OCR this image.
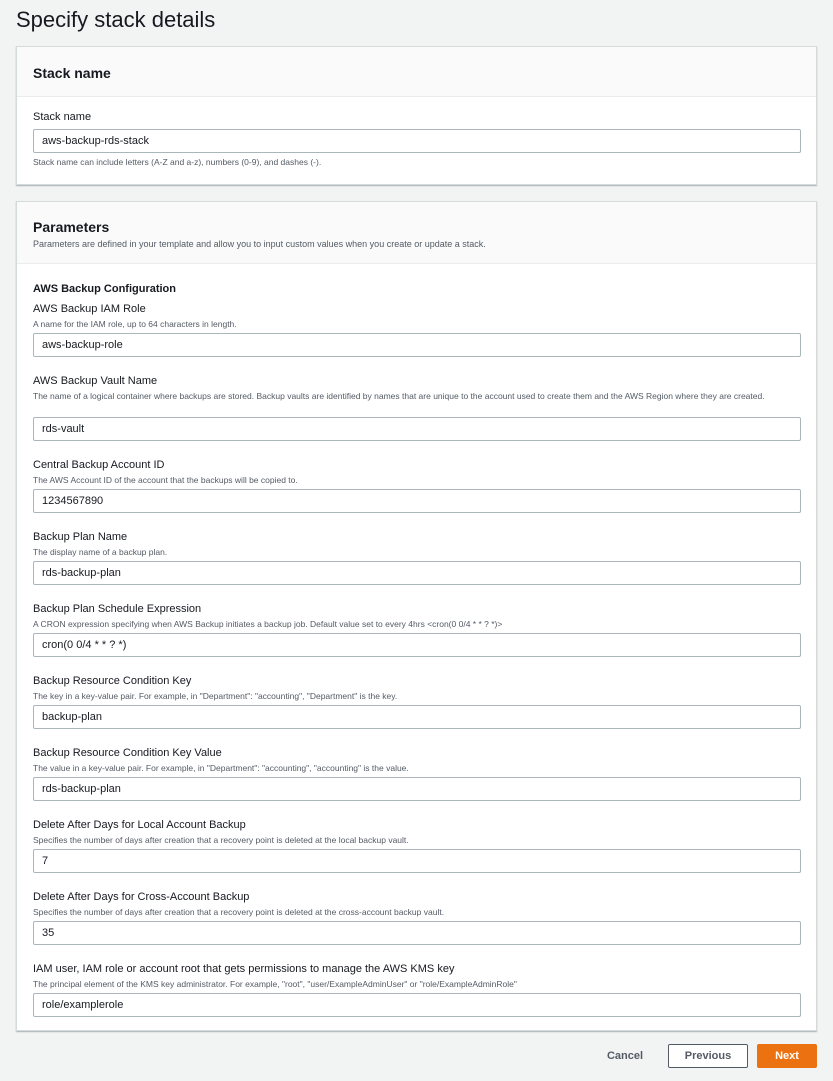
Specify stack details
Stack name
Stack name
aws-backup-rds-stack
Stack name can include letters (A-Z and a-z), numbers (0-9), and dashes (-).
Parameters
Parameters are defined in your template and allow you to input custom values when you create or update a stack.
AWS Backup Configuration
AWS Backup IAM Role
A name for the IAM role, up to 64 characters in length.
aws-backup-role
AWS Backup Vault Name
The name of a logical container where backups are stored. Backup vaults are identified by names that are unique to the account used to create them and the AWS Region where they are created.
rds-vault
Central Backup Account ID
The AWS Account ID of the account that the backups will be copied to.
1234567890
Backup Plan Name
The display name of a backup plan.
rds-backup-plan
Backup Plan Schedule Expression
A CRON expression specifying when AWS Backup initiates a backup job. Default value set to every 4hrs <cron(0 0/4 * * ? *)>
cron(0 0/4 * * ? *)
Backup Resource Condition Key
The key in a key-value pair. For example, in "Department": "accounting", "Department" is the key.
backup-plan
Backup Resource Condition Key Value
The value in a key-value pair. For example, in "Department": "accounting", "accounting" is the value.
rds-backup-plan
Delete After Days for Local Account Backup
Specifies the number of days after creation that a recovery point is deleted at the local backup vault.
7
Delete After Days for Cross-Account Backup
Specifies the number of days after creation that a recovery point is deleted at the cross-account backup vault.
35
IAM user, IAM role or account root that gets permissions to manage the AWS KMS key
The principal element of the KMS key administrator. For example, "root", "user/ExampleAdminUser" or "role/ExampleAdminRole"
role/examplerole
Cancel	Previous	Next
